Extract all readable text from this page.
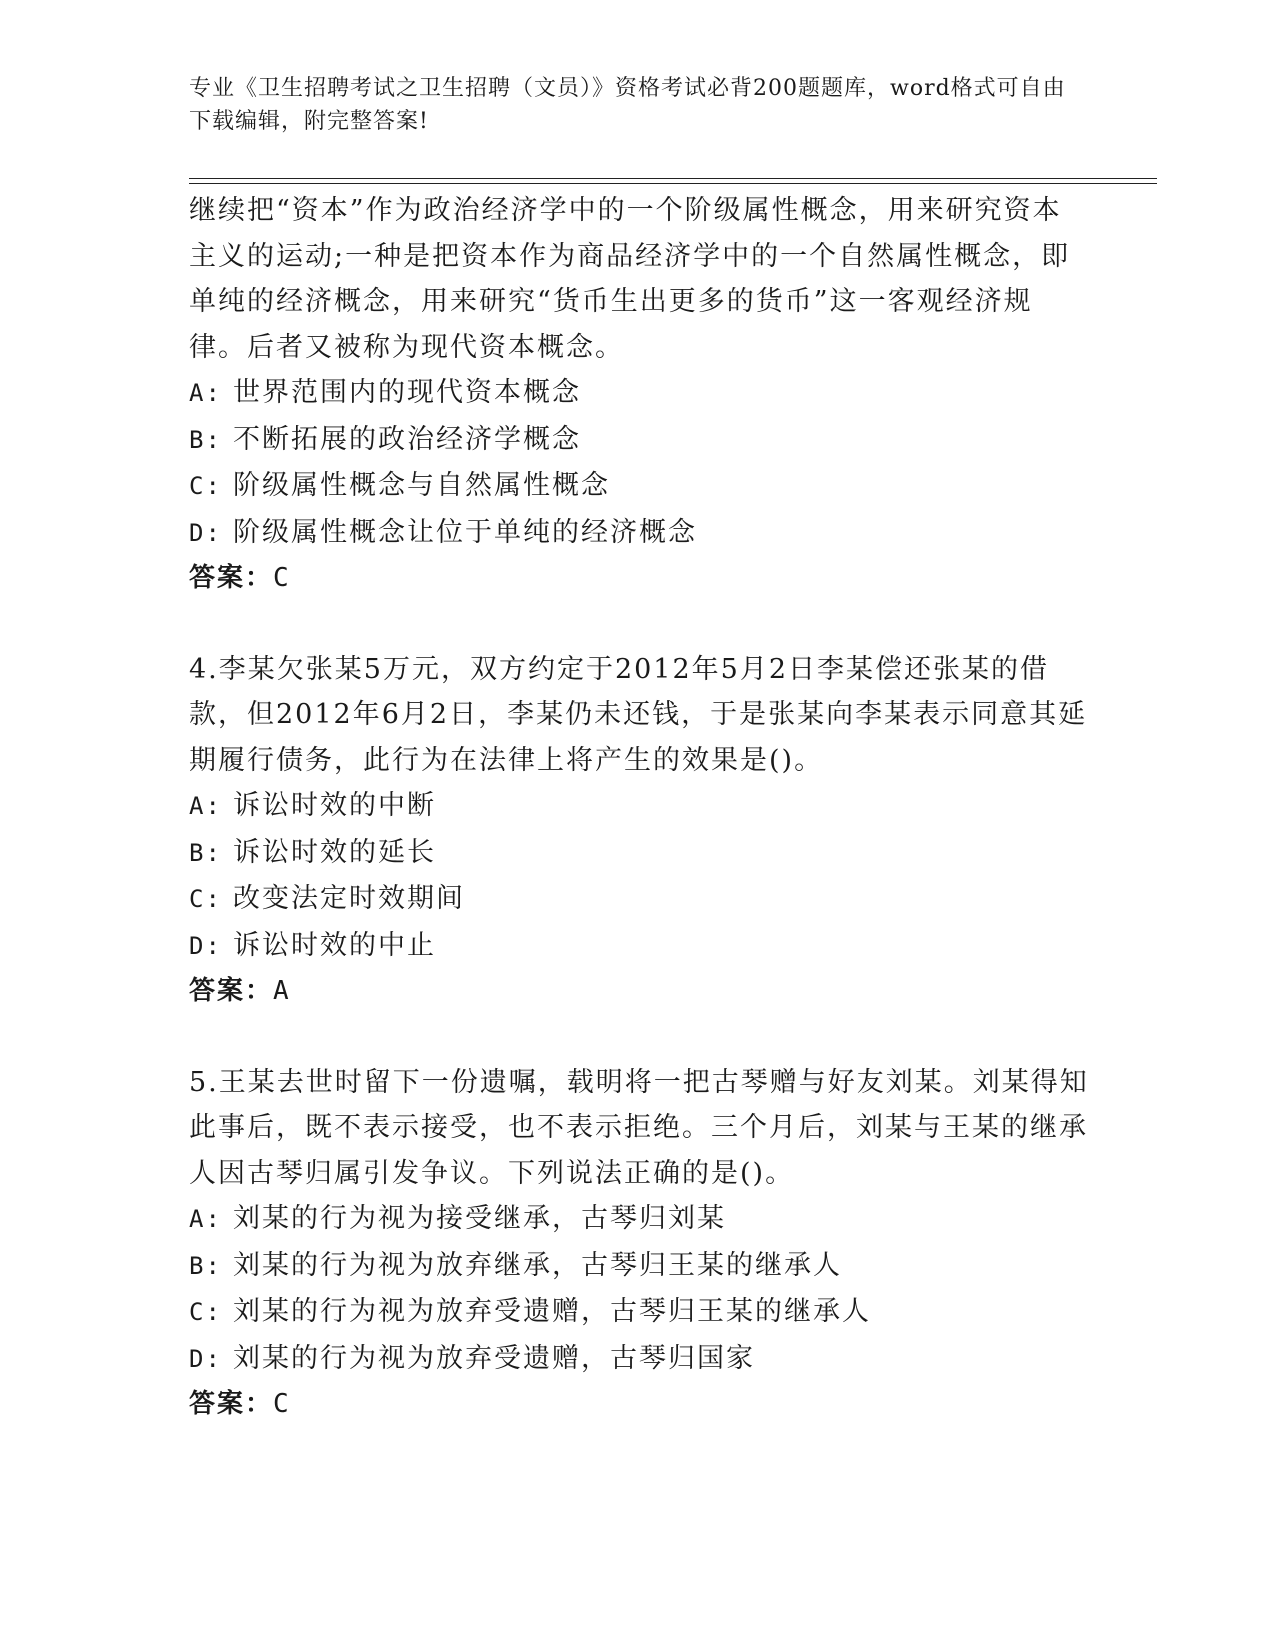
专业《卫生招聘考试之卫生招聘（文员）》资格考试必背200题题库，word格式可自由下载编辑，附完整答案!

继续把“资本”作为政治经济学中的一个阶级属性概念，用来研究资本主义的运动;一种是把资本作为商品经济学中的一个自然属性概念，即单纯的经济概念，用来研究“货币生出更多的货币”这一客观经济规律。后者又被称为现代资本概念。

A: 世界范围内的现代资本概念

B: 不断拓展的政治经济学概念

C: 阶级属性概念与自然属性概念

D: 阶级属性概念让位于单纯的经济概念

答案：C

4.李某欠张某5万元，双方约定于2012年5月2日李某偿还张某的借款，但2012年6月2日，李某仍未还钱，于是张某向李某表示同意其延期履行债务，此行为在法律上将产生的效果是()。

A: 诉讼时效的中断

B: 诉讼时效的延长

C: 改变法定时效期间

D: 诉讼时效的中止

答案：A

5.王某去世时留下一份遗嘱，载明将一把古琴赠与好友刘某。刘某得知此事后，既不表示接受，也不表示拒绝。三个月后，刘某与王某的继承人因古琴归属引发争议。下列说法正确的是()。

A: 刘某的行为视为接受继承，古琴归刘某

B: 刘某的行为视为放弃继承，古琴归王某的继承人

C: 刘某的行为视为放弃受遗赠，古琴归王某的继承人

D: 刘某的行为视为放弃受遗赠，古琴归国家

答案：C
